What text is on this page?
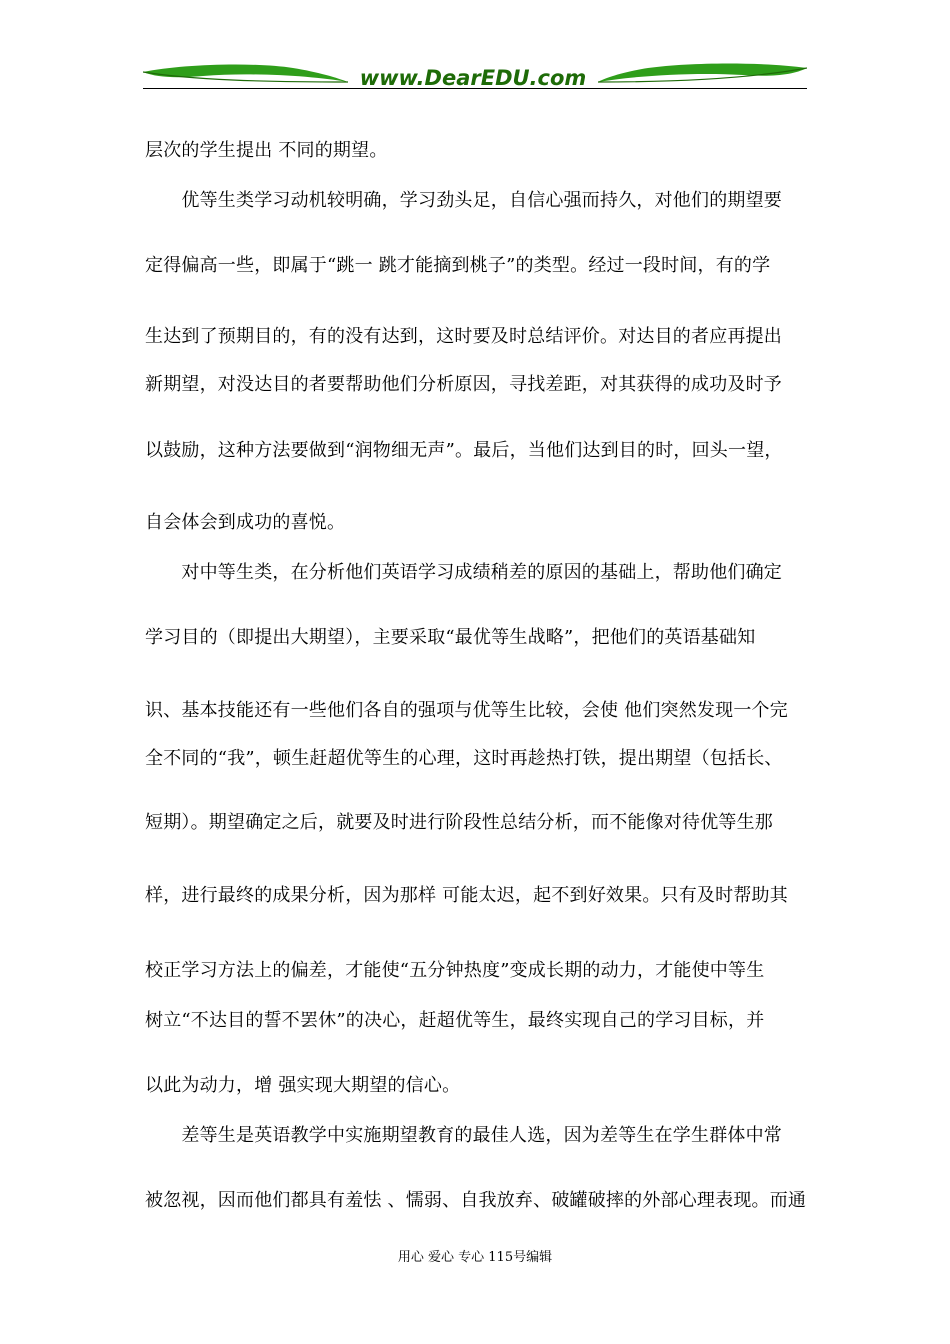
www.DearEDU.com
层次的学生提出 不同的期望。
　　优等生类学习动机较明确，学习劲头足，自信心强而持久，对他们的期望要
定得偏高一些，即属于“跳一 跳才能摘到桃子”的类型。经过一段时间，有的学
生达到了预期目的，有的没有达到，这时要及时总结评价。对达目的者应再提出
新期望，对没达目的者要帮助他们分析原因，寻找差距，对其获得的成功及时予
以鼓励，这种方法要做到“润物细无声”。最后，当他们达到目的时，回头一望，
自会体会到成功的喜悦。
　　对中等生类，在分析他们英语学习成绩稍差的原因的基础上，帮助他们确定
学习目的（即提出大期望），主要采取“最优等生战略”，把他们的英语基础知
识、基本技能还有一些他们各自的强项与优等生比较，会使 他们突然发现一个完
全不同的“我”，顿生赶超优等生的心理，这时再趁热打铁，提出期望（包括长、
短期）。期望确定之后，就要及时进行阶段性总结分析，而不能像对待优等生那
样，进行最终的成果分析，因为那样 可能太迟，起不到好效果。只有及时帮助其
校正学习方法上的偏差，才能使“五分钟热度”变成长期的动力，才能使中等生
树立“不达目的誓不罢休”的决心，赶超优等生，最终实现自己的学习目标，并
以此为动力，增 强实现大期望的信心。
　　差等生是英语教学中实施期望教育的最佳人选，因为差等生在学生群体中常
被忽视，因而他们都具有羞怯 、懦弱、自我放弃、破罐破摔的外部心理表现。而通
用心 爱心 专心 115号编辑
